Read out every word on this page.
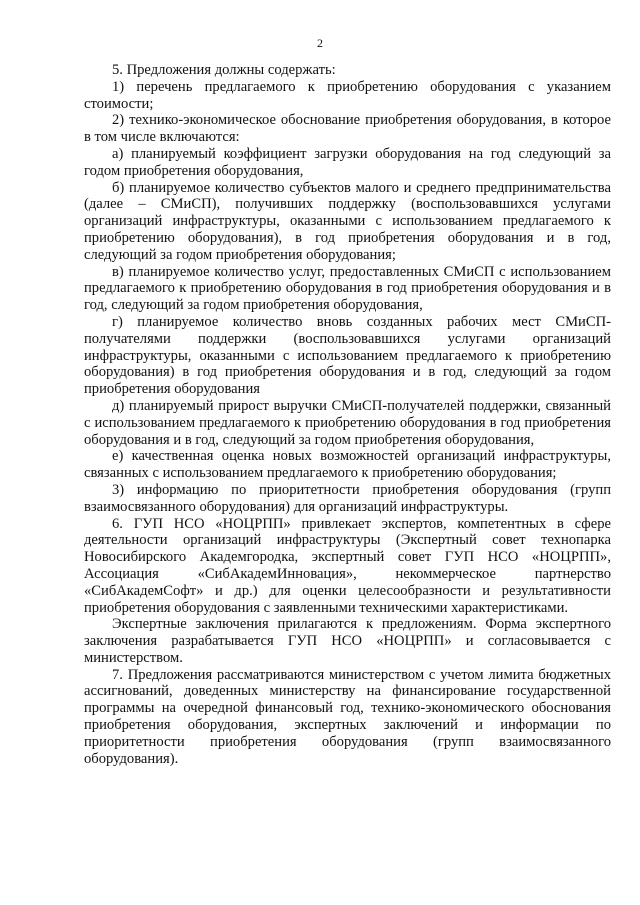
2

5. Предложения должны содержать:

1) перечень предлагаемого к приобретению оборудования с указанием стоимости;

2) технико-экономическое обоснование приобретения оборудования, в которое в том числе включаются:

а) планируемый коэффициент загрузки оборудования на год следующий за годом приобретения оборудования,

б) планируемое количество субъектов малого и среднего предпринимательства (далее – СМиСП), получивших поддержку (воспользовавшихся услугами организаций инфраструктуры, оказанными с использованием предлагаемого к приобретению оборудования), в год приобретения оборудования и в год, следующий за годом приобретения оборудования;

в) планируемое количество услуг, предоставленных СМиСП с использованием предлагаемого к приобретению оборудования в год приобретения оборудования и в год, следующий за годом приобретения оборудования,

г) планируемое количество вновь созданных рабочих мест СМиСП-получателями поддержки (воспользовавшихся услугами организаций инфраструктуры, оказанными с использованием предлагаемого к приобретению оборудования) в год приобретения оборудования и в год, следующий за годом приобретения оборудования

д) планируемый прирост выручки СМиСП-получателей поддержки, связанный с использованием предлагаемого к приобретению оборудования в год приобретения оборудования и в год, следующий за годом приобретения оборудования,

е) качественная оценка новых возможностей организаций инфраструктуры, связанных с использованием предлагаемого к приобретению оборудования;

3) информацию по приоритетности приобретения оборудования (групп взаимосвязанного оборудования) для организаций инфраструктуры.

6. ГУП НСО «НОЦРПП» привлекает экспертов, компетентных в сфере деятельности организаций инфраструктуры (Экспертный совет технопарка Новосибирского Академгородка, экспертный совет ГУП НСО «НОЦРПП», Ассоциация «СибАкадемИнновация», некоммерческое партнерство «СибАкадемСофт» и др.) для оценки целесообразности и результативности приобретения оборудования с заявленными техническими характеристиками.

Экспертные заключения прилагаются к предложениям. Форма экспертного заключения разрабатывается ГУП НСО «НОЦРПП» и согласовывается с министерством.

7. Предложения рассматриваются министерством с учетом лимита бюджетных ассигнований, доведенных министерству на финансирование государственной программы на очередной финансовый год, технико-экономического обоснования приобретения оборудования, экспертных заключений и информации по приоритетности приобретения оборудования (групп взаимосвязанного оборудования).
